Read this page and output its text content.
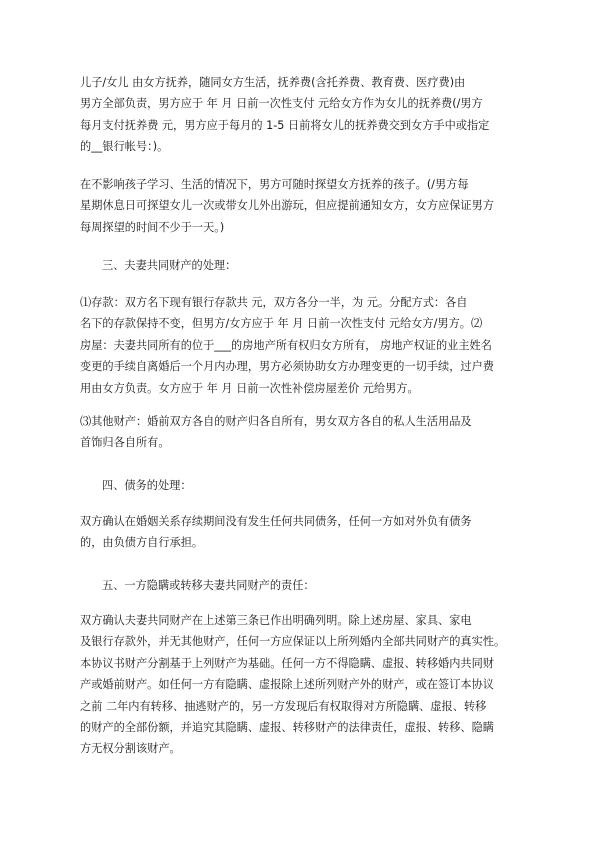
儿子/女儿 由女方抚养，随同女方生活，抚养费(含托养费、教育费、医疗费)由
男方全部负责，男方应于 年 月 日前一次性支付 元给女方作为女儿的抚养费(/男方
每月支付抚养费 元，男方应于每月的 1-5 日前将女儿的抚养费交到女方手中或指定
的__银行帐号：)。
在不影响孩子学习、生活的情况下，男方可随时探望女方抚养的孩子。(/男方每
星期休息日可探望女儿一次或带女儿外出游玩，但应提前通知女方，女方应保证男方
每周探望的时间不少于一天。)

三、夫妻共同财产的处理：

⑴存款：双方名下现有银行存款共 元，双方各分一半，为 元。分配方式：各自
名下的存款保持不变，但男方/女方应于 年 月 日前一次性支付 元给女方/男方。⑵
房屋：夫妻共同所有的位于___的房地产所有权归女方所有， 房地产权证的业主姓名
变更的手续自离婚后一个月内办理，男方必须协助女方办理变更的一切手续，过户费
用由女方负责。女方应于 年 月 日前一次性补偿房屋差价 元给男方。
⑶其他财产：婚前双方各自的财产归各自所有，男女双方各自的私人生活用品及
首饰归各自所有。

四、债务的处理：

双方确认在婚姻关系存续期间没有发生任何共同债务，任何一方如对外负有债务
的，由负债方自行承担。

五、一方隐瞒或转移夫妻共同财产的责任：

双方确认夫妻共同财产在上述第三条已作出明确列明。除上述房屋、家具、家电
及银行存款外，并无其他财产，任何一方应保证以上所列婚内全部共同财产的真实性。
本协议书财产分割基于上列财产为基础。任何一方不得隐瞒、虚报、转移婚内共同财
产或婚前财产。如任何一方有隐瞒、虚报除上述所列财产外的财产，或在签订本协议
之前 二年内有转移、抽逃财产的，另一方发现后有权取得对方所隐瞒、虚报、转移
的财产的全部份额，并追究其隐瞒、虚报、转移财产的法律责任，虚报、转移、隐瞒
方无权分割该财产。
